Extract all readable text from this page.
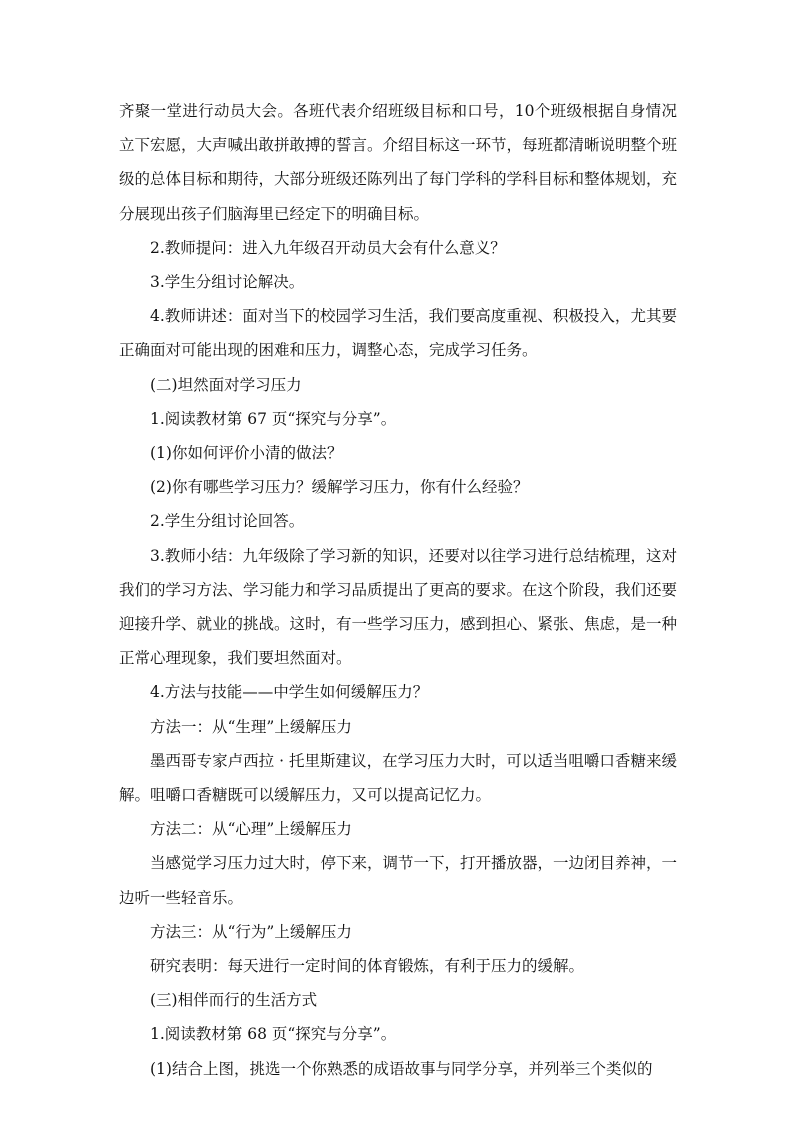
齐聚一堂进行动员大会。各班代表介绍班级目标和口号，10个班级根据自身情况立下宏愿，大声喊出敢拼敢搏的誓言。介绍目标这一环节，每班都清晰说明整个班级的总体目标和期待，大部分班级还陈列出了每门学科的学科目标和整体规划，充分展现出孩子们脑海里已经定下的明确目标。

2.教师提问：进入九年级召开动员大会有什么意义？

3.学生分组讨论解决。

4.教师讲述：面对当下的校园学习生活，我们要高度重视、积极投入，尤其要正确面对可能出现的困难和压力，调整心态，完成学习任务。

(二)坦然面对学习压力

1.阅读教材第 67 页“探究与分享”。

(1)你如何评价小清的做法？

(2)你有哪些学习压力？缓解学习压力，你有什么经验？

2.学生分组讨论回答。

3.教师小结：九年级除了学习新的知识，还要对以往学习进行总结梳理，这对我们的学习方法、学习能力和学习品质提出了更高的要求。在这个阶段，我们还要迎接升学、就业的挑战。这时，有一些学习压力，感到担心、紧张、焦虑，是一种正常心理现象，我们要坦然面对。

4.方法与技能——中学生如何缓解压力？

方法一：从“生理”上缓解压力

墨西哥专家卢西拉 · 托里斯建议，在学习压力大时，可以适当咀嚼口香糖来缓解。咀嚼口香糖既可以缓解压力，又可以提高记忆力。

方法二：从“心理”上缓解压力

当感觉学习压力过大时，停下来，调节一下，打开播放器，一边闭目养神，一边听一些轻音乐。

方法三：从“行为”上缓解压力

研究表明：每天进行一定时间的体育锻炼，有利于压力的缓解。

(三)相伴而行的生活方式

1.阅读教材第 68 页“探究与分享”。

(1)结合上图，挑选一个你熟悉的成语故事与同学分享，并列举三个类似的
